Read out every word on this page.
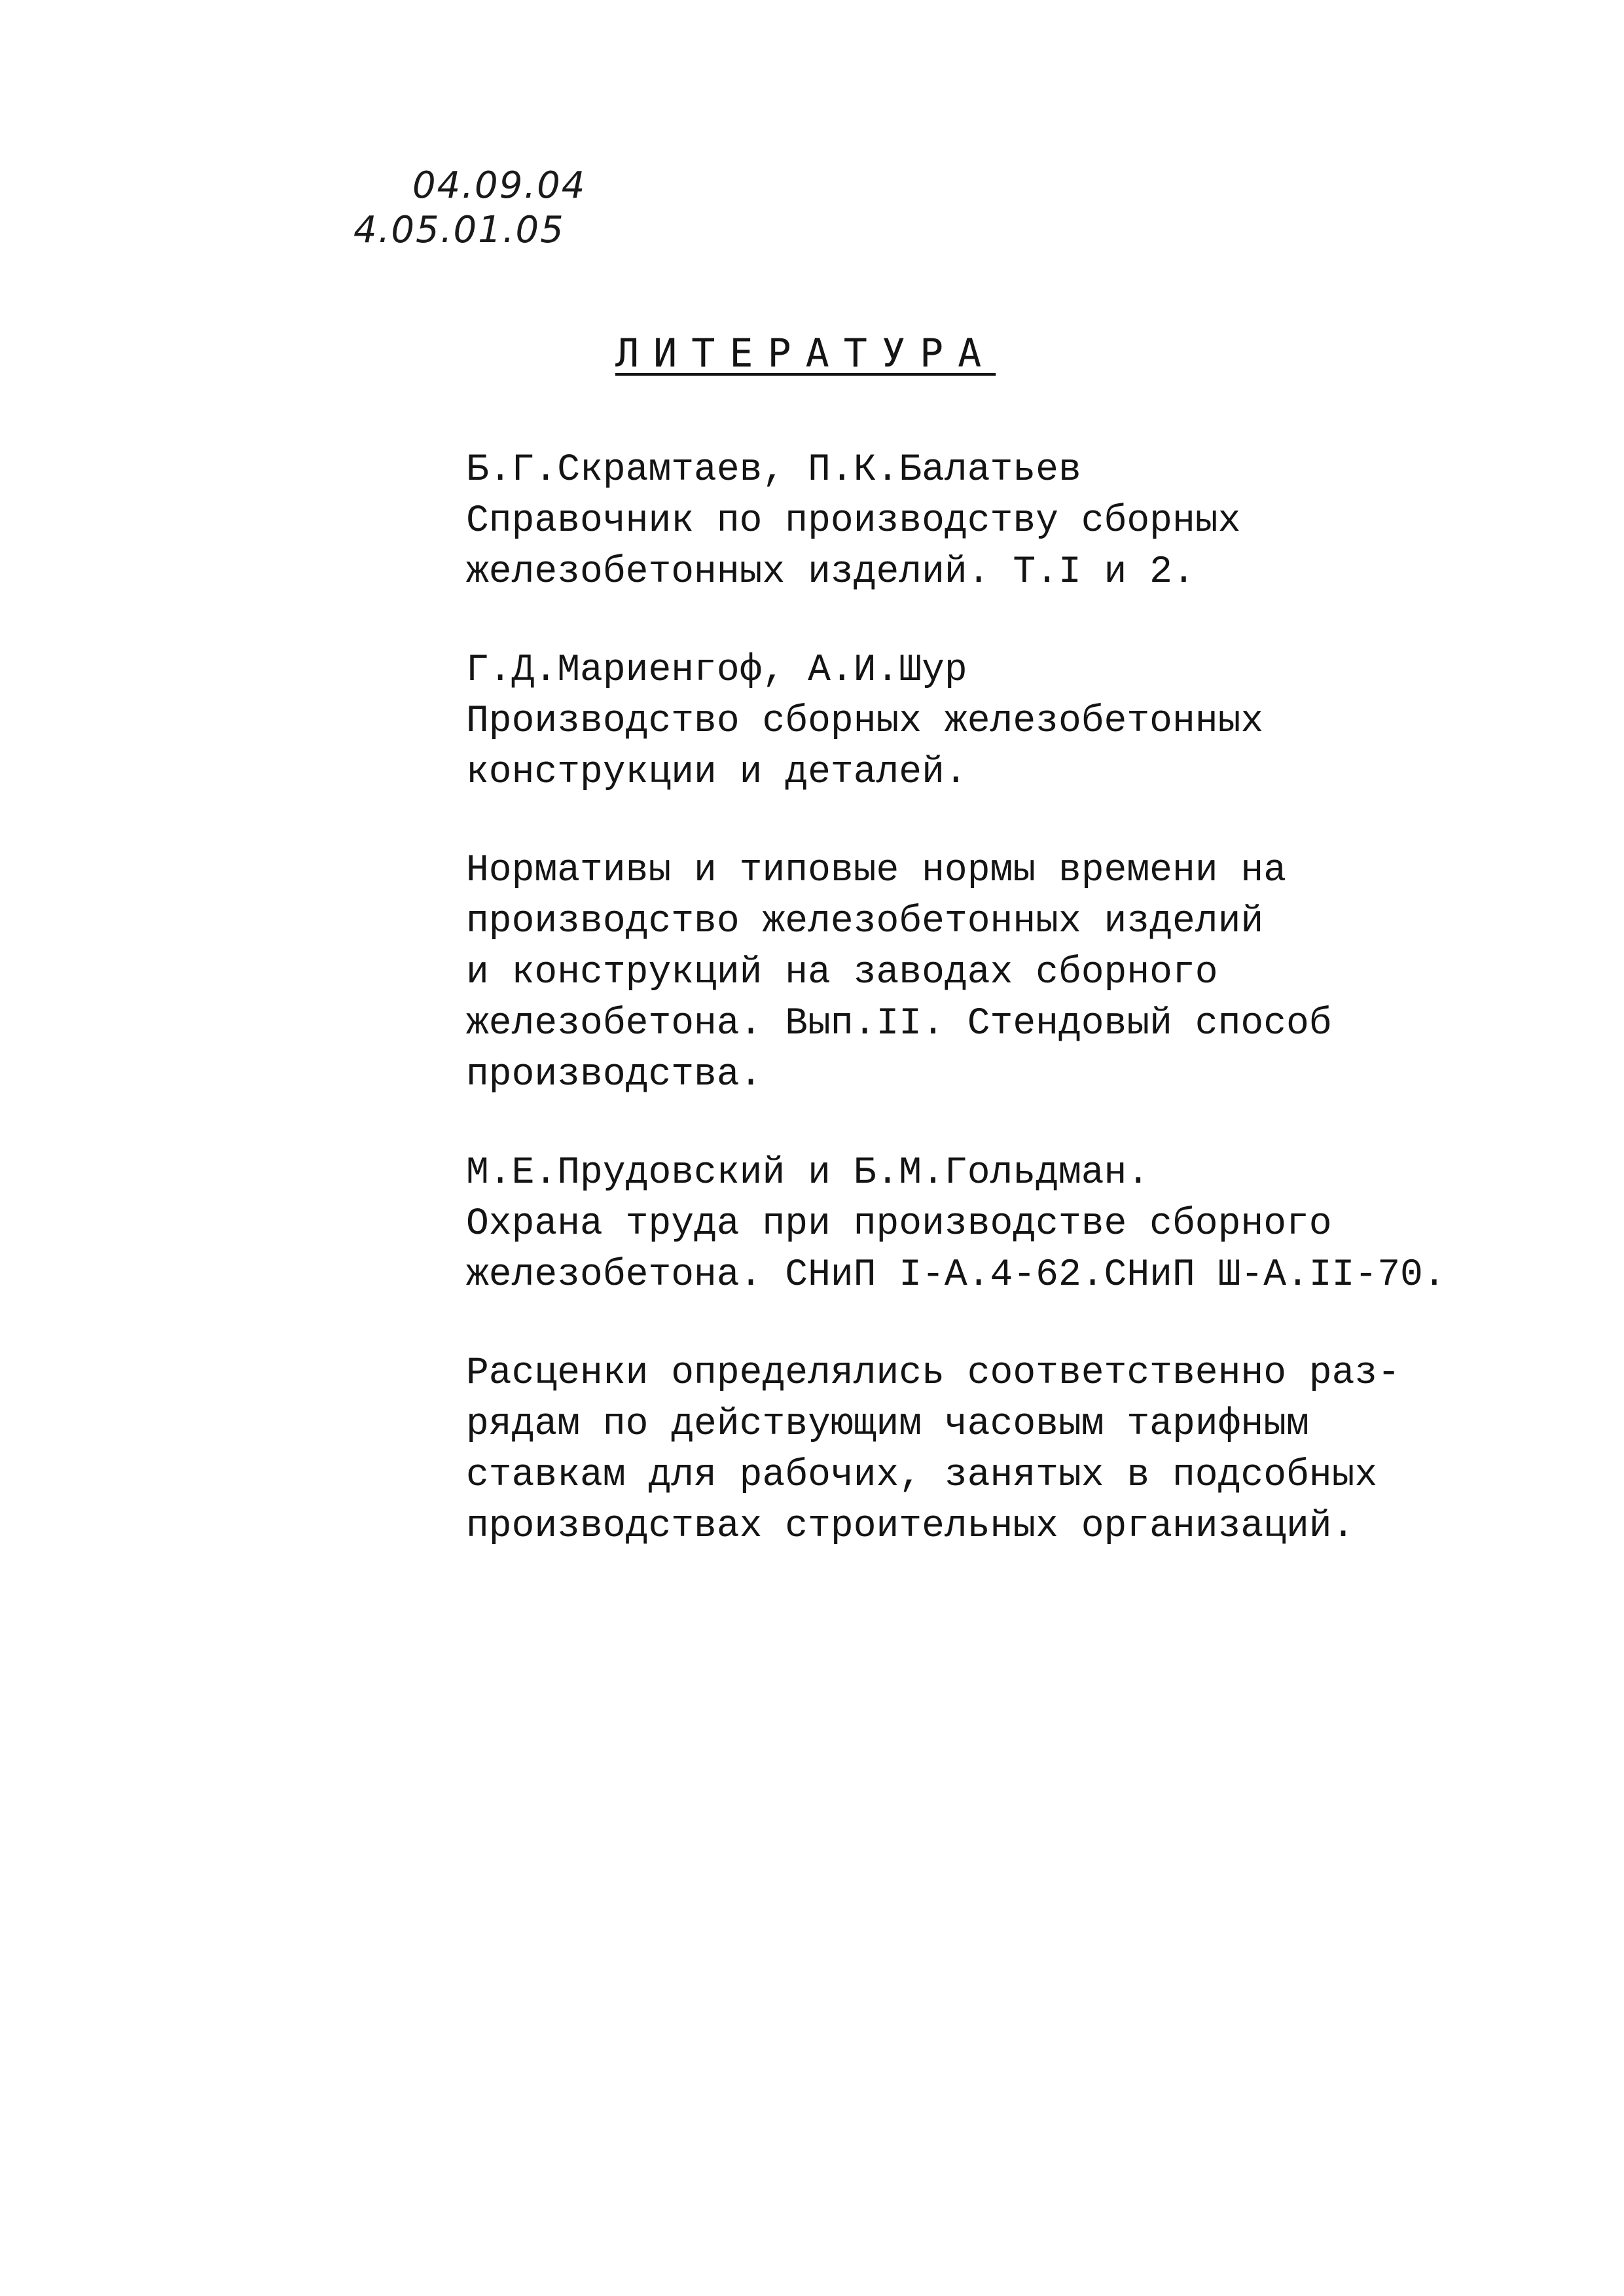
04.09.04
4.05.01.05
ЛИТЕРАТУРА
Б.Г.Скрамтаев, П.К.Балатьев
Справочник по производству сборных
железобетонных изделий. Т.I и 2.
Г.Д.Мариенгоф, А.И.Шур
Производство сборных железобетонных
конструкции и деталей.
Нормативы и типовые нормы времени на
производство железобетонных изделий
и конструкций на заводах сборного
железобетона. Вып.II. Стендовый способ
производства.
М.Е.Прудовский и Б.М.Гольдман.
Охрана труда при производстве сборного
железобетона. СНиП I-А.4-62.СНиП Ш-А.II-70.
Расценки определялись соответственно раз-
рядам по действующим часовым тарифным
ставкам для рабочих, занятых в подсобных
производствах строительных организаций.
